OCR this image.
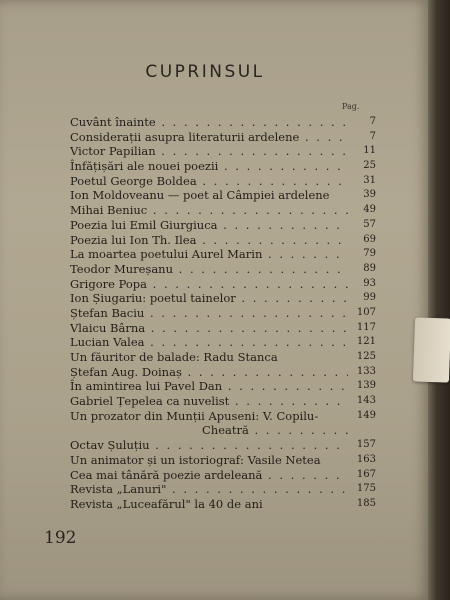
CUPRINSUL
Pag.
Cuvânt înainte . . .	7
Considerații asupra literaturii ardelene . . .	7
Victor Papilian . . .	11
Înfățișări ale nouei poezii . . .	25
Poetul George Boldea . . .	31
Ion Moldoveanu — poet al Câmpiei ardelene	39
Mihai Beniuc . . .	49
Poezia lui Emil Giurgiuca . . .	57
Poezia lui Ion Th. Ilea . . .	69
La moartea poetului Aurel Marin . . .	79
Teodor Mureșanu . . .	89
Grigore Popa . . .	93
Ion Șiugariu: poetul tainelor . . .	99
Ștefan Baciu . . .	107
Vlaicu Bârna . . .	117
Lucian Valea . . .	121
Un făuritor de balade: Radu Stanca	125
Ștefan Aug. Doinaș . . .	133
În amintirea lui Pavel Dan . . .	139
Gabriel Țepelea ca nuvelist . . .	143
Un prozator din Munții Apuseni: V. Copilu-	149
Cheatră . . .
Octav Șuluțiu . . .	157
Un animator și un istoriograf: Vasile Netea	163
Cea mai tânără poezie ardeleană . . .	167
Revista „Lanuri" . . .	175
Revista „Luceafărul" la 40 de ani	185
192
